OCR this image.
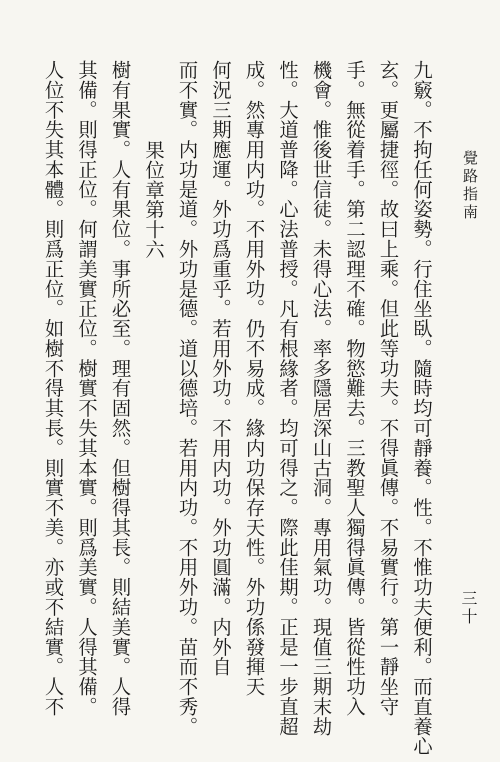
覺路指南
三十
九竅。不拘任何姿勢。行住坐臥。隨時均可靜養。性。不惟功夫便利。而直養心
玄。更屬捷徑。故曰上乘。但此等功夫。不得眞傳。不易實行。第一靜坐守
手。無從着手。第二認理不確。物慾難去。三教聖人獨得眞傳。皆從性功入
機會。惟後世信徒。未得心法。率多隱居深山古洞。專用氣功。現值三期末劫
性。大道普降。心法普授。凡有根緣者。均可得之。際此佳期。正是一步直超
成。然專用内功。不用外功。仍不易成。緣内功保存天性。外功係發揮天
何況三期應運。外功爲重乎。若用外功。不用内功。外功圓滿。内外自
而不實。内功是道。外功是德。道以德培。若用内功。不用外功。苗而不秀。
果位章第十六
樹有果實。人有果位。事所必至。理有固然。但樹得其長。則結美實。人得
其備。則得正位。何謂美實正位。樹實不失其本實。則爲美實。人得其備。
人位不失其本體。則爲正位。如樹不得其長。則實不美。亦或不結實。人不
